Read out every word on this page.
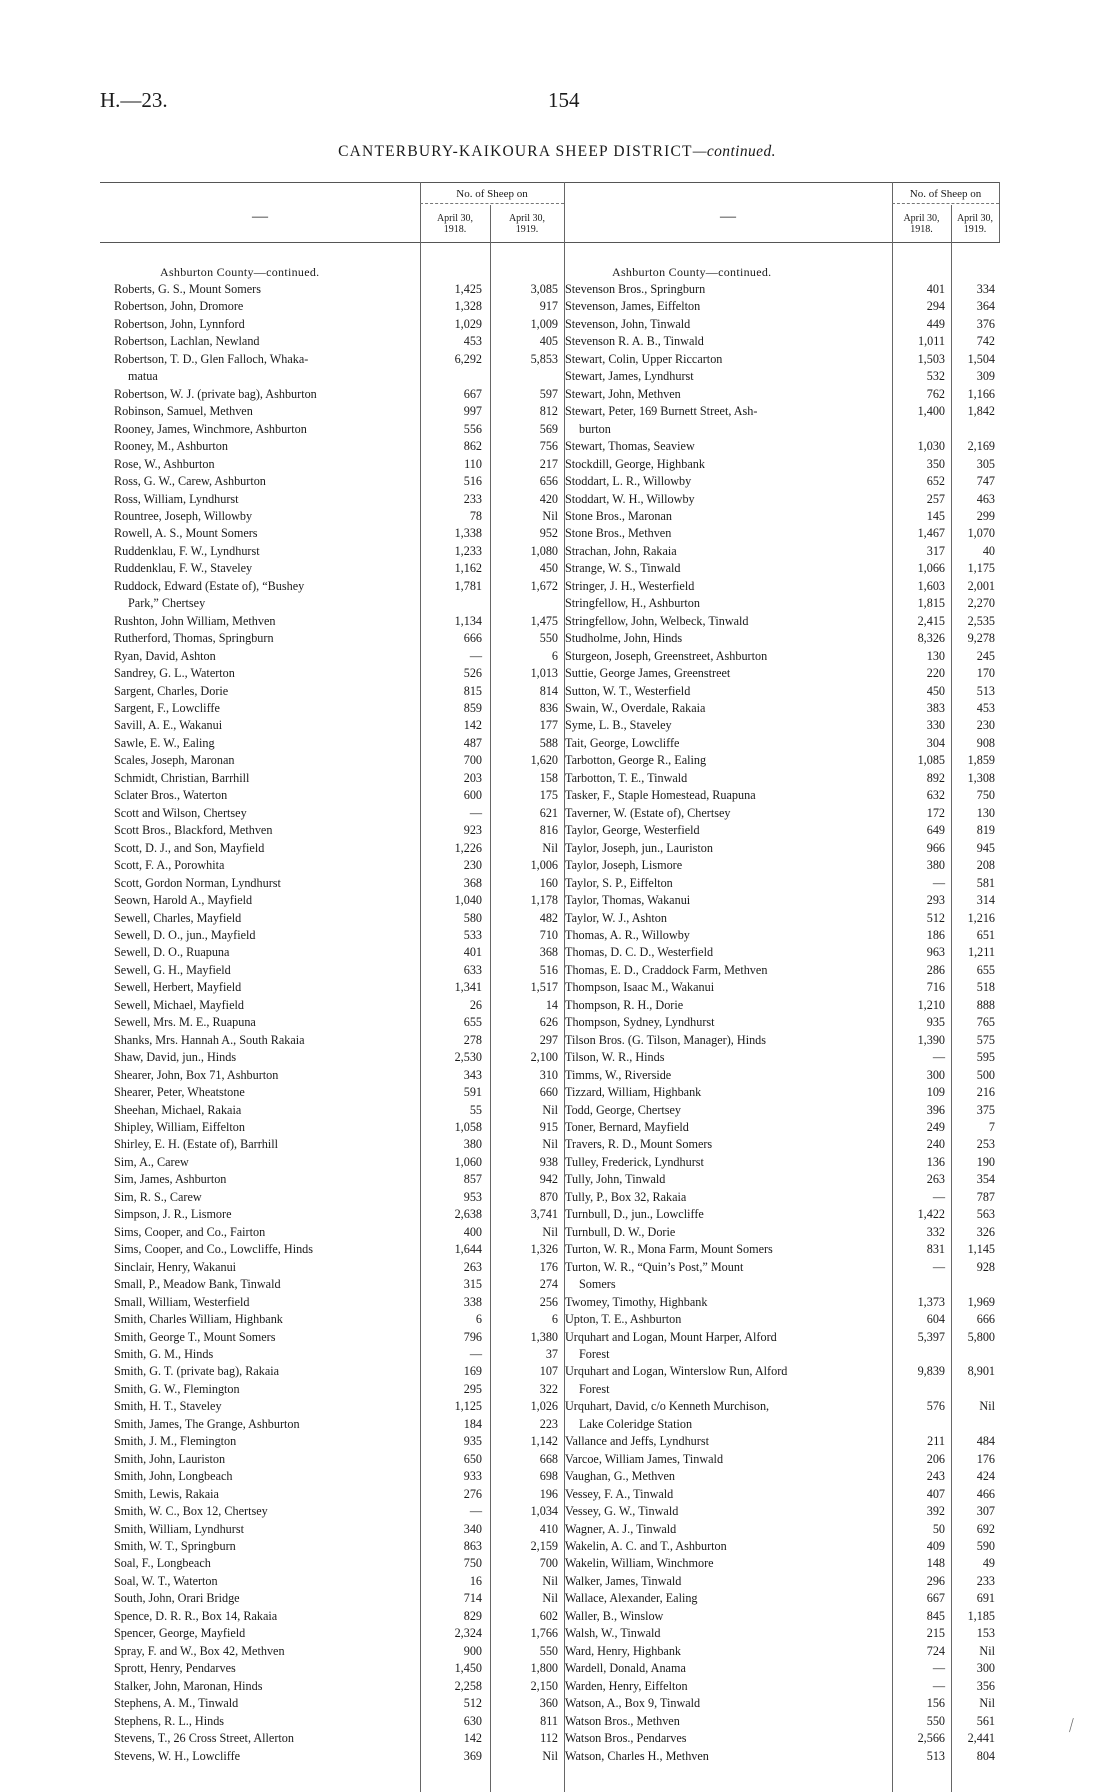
H.—23.	154
CANTERBURY-KAIKOURA SHEEP DISTRICT—continued.
—
No. of Sheep on
April 30,
1918.
April 30,
1919.
—
No. of Sheep on
April 30,
1918.
April 30,
1919.
Ashburton County—continued.	Ashburton County—continued.
Roberts, G. S., Mount Somers	1,425	3,085
Robertson, John, Dromore	1,328	917
Robertson, John, Lynnford	1,029	1,009
Robertson, Lachlan, Newland	453	405
Robertson, T. D., Glen Falloch, Whaka-	6,292	5,853
matua
Robertson, W. J. (private bag), Ashburton	667	597
Robinson, Samuel, Methven	997	812
Rooney, James, Winchmore, Ashburton	556	569
Rooney, M., Ashburton	862	756
Rose, W., Ashburton	110	217
Ross, G. W., Carew, Ashburton	516	656
Ross, William, Lyndhurst	233	420
Rountree, Joseph, Willowby	78	Nil
Rowell, A. S., Mount Somers	1,338	952
Ruddenklau, F. W., Lyndhurst	1,233	1,080
Ruddenklau, F. W., Staveley	1,162	450
Ruddock, Edward (Estate of), “Bushey	1,781	1,672
Park,” Chertsey
Rushton, John William, Methven	1,134	1,475
Rutherford, Thomas, Springburn	666	550
Ryan, David, Ashton	—	6
Sandrey, G. L., Waterton	526	1,013
Sargent, Charles, Dorie	815	814
Sargent, F., Lowcliffe	859	836
Savill, A. E., Wakanui	142	177
Sawle, E. W., Ealing	487	588
Scales, Joseph, Maronan	700	1,620
Schmidt, Christian, Barrhill	203	158
Sclater Bros., Waterton	600	175
Scott and Wilson, Chertsey	—	621
Scott Bros., Blackford, Methven	923	816
Scott, D. J., and Son, Mayfield	1,226	Nil
Scott, F. A., Porowhita	230	1,006
Scott, Gordon Norman, Lyndhurst	368	160
Seown, Harold A., Mayfield	1,040	1,178
Sewell, Charles, Mayfield	580	482
Sewell, D. O., jun., Mayfield	533	710
Sewell, D. O., Ruapuna	401	368
Sewell, G. H., Mayfield	633	516
Sewell, Herbert, Mayfield	1,341	1,517
Sewell, Michael, Mayfield	26	14
Sewell, Mrs. M. E., Ruapuna	655	626
Shanks, Mrs. Hannah A., South Rakaia	278	297
Shaw, David, jun., Hinds	2,530	2,100
Shearer, John, Box 71, Ashburton	343	310
Shearer, Peter, Wheatstone	591	660
Sheehan, Michael, Rakaia	55	Nil
Shipley, William, Eiffelton	1,058	915
Shirley, E. H. (Estate of), Barrhill	380	Nil
Sim, A., Carew	1,060	938
Sim, James, Ashburton	857	942
Sim, R. S., Carew	953	870
Simpson, J. R., Lismore	2,638	3,741
Sims, Cooper, and Co., Fairton	400	Nil
Sims, Cooper, and Co., Lowcliffe, Hinds	1,644	1,326
Sinclair, Henry, Wakanui	263	176
Small, P., Meadow Bank, Tinwald	315	274
Small, William, Westerfield	338	256
Smith, Charles William, Highbank	6	6
Smith, George T., Mount Somers	796	1,380
Smith, G. M., Hinds	—	37
Smith, G. T. (private bag), Rakaia	169	107
Smith, G. W., Flemington	295	322
Smith, H. T., Staveley	1,125	1,026
Smith, James, The Grange, Ashburton	184	223
Smith, J. M., Flemington	935	1,142
Smith, John, Lauriston	650	668
Smith, John, Longbeach	933	698
Smith, Lewis, Rakaia	276	196
Smith, W. C., Box 12, Chertsey	—	1,034
Smith, William, Lyndhurst	340	410
Smith, W. T., Springburn	863	2,159
Soal, F., Longbeach	750	700
Soal, W. T., Waterton	16	Nil
South, John, Orari Bridge	714	Nil
Spence, D. R. R., Box 14, Rakaia	829	602
Spencer, George, Mayfield	2,324	1,766
Spray, F. and W., Box 42, Methven	900	550
Sprott, Henry, Pendarves	1,450	1,800
Stalker, John, Maronan, Hinds	2,258	2,150
Stephens, A. M., Tinwald	512	360
Stephens, R. L., Hinds	630	811
Stevens, T., 26 Cross Street, Allerton	142	112
Stevens, W. H., Lowcliffe	369	Nil
Stevenson Bros., Springburn	401	334
Stevenson, James, Eiffelton	294	364
Stevenson, John, Tinwald	449	376
Stevenson R. A. B., Tinwald	1,011	742
Stewart, Colin, Upper Riccarton	1,503	1,504
Stewart, James, Lyndhurst	532	309
Stewart, John, Methven	762	1,166
Stewart, Peter, 169 Burnett Street, Ash-	1,400	1,842
burton
Stewart, Thomas, Seaview	1,030	2,169
Stockdill, George, Highbank	350	305
Stoddart, L. R., Willowby	652	747
Stoddart, W. H., Willowby	257	463
Stone Bros., Maronan	145	299
Stone Bros., Methven	1,467	1,070
Strachan, John, Rakaia	317	40
Strange, W. S., Tinwald	1,066	1,175
Stringer, J. H., Westerfield	1,603	2,001
Stringfellow, H., Ashburton	1,815	2,270
Stringfellow, John, Welbeck, Tinwald	2,415	2,535
Studholme, John, Hinds	8,326	9,278
Sturgeon, Joseph, Greenstreet, Ashburton	130	245
Suttie, George James, Greenstreet	220	170
Sutton, W. T., Westerfield	450	513
Swain, W., Overdale, Rakaia	383	453
Syme, L. B., Staveley	330	230
Tait, George, Lowcliffe	304	908
Tarbotton, George R., Ealing	1,085	1,859
Tarbotton, T. E., Tinwald	892	1,308
Tasker, F., Staple Homestead, Ruapuna	632	750
Taverner, W. (Estate of), Chertsey	172	130
Taylor, George, Westerfield	649	819
Taylor, Joseph, jun., Lauriston	966	945
Taylor, Joseph, Lismore	380	208
Taylor, S. P., Eiffelton	—	581
Taylor, Thomas, Wakanui	293	314
Taylor, W. J., Ashton	512	1,216
Thomas, A. R., Willowby	186	651
Thomas, D. C. D., Westerfield	963	1,211
Thomas, E. D., Craddock Farm, Methven	286	655
Thompson, Isaac M., Wakanui	716	518
Thompson, R. H., Dorie	1,210	888
Thompson, Sydney, Lyndhurst	935	765
Tilson Bros. (G. Tilson, Manager), Hinds	1,390	575
Tilson, W. R., Hinds	—	595
Timms, W., Riverside	300	500
Tizzard, William, Highbank	109	216
Todd, George, Chertsey	396	375
Toner, Bernard, Mayfield	249	7
Travers, R. D., Mount Somers	240	253
Tulley, Frederick, Lyndhurst	136	190
Tully, John, Tinwald	263	354
Tully, P., Box 32, Rakaia	—	787
Turnbull, D., jun., Lowcliffe	1,422	563
Turnbull, D. W., Dorie	332	326
Turton, W. R., Mona Farm, Mount Somers	831	1,145
Turton, W. R., “Quin’s Post,” Mount	—	928
Somers
Twomey, Timothy, Highbank	1,373	1,969
Upton, T. E., Ashburton	604	666
Urquhart and Logan, Mount Harper, Alford	5,397	5,800
Forest
Urquhart and Logan, Winterslow Run, Alford	9,839	8,901
Forest
Urquhart, David, c/o Kenneth Murchison,	576	Nil
Lake Coleridge Station
Vallance and Jeffs, Lyndhurst	211	484
Varcoe, William James, Tinwald	206	176
Vaughan, G., Methven	243	424
Vessey, F. A., Tinwald	407	466
Vessey, G. W., Tinwald	392	307
Wagner, A. J., Tinwald	50	692
Wakelin, A. C. and T., Ashburton	409	590
Wakelin, William, Winchmore	148	49
Walker, James, Tinwald	296	233
Wallace, Alexander, Ealing	667	691
Waller, B., Winslow	845	1,185
Walsh, W., Tinwald	215	153
Ward, Henry, Highbank	724	Nil
Wardell, Donald, Anama	—	300
Warden, Henry, Eiffelton	—	356
Watson, A., Box 9, Tinwald	156	Nil
Watson Bros., Methven	550	561
Watson Bros., Pendarves	2,566	2,441
Watson, Charles H., Methven	513	804
⁄
